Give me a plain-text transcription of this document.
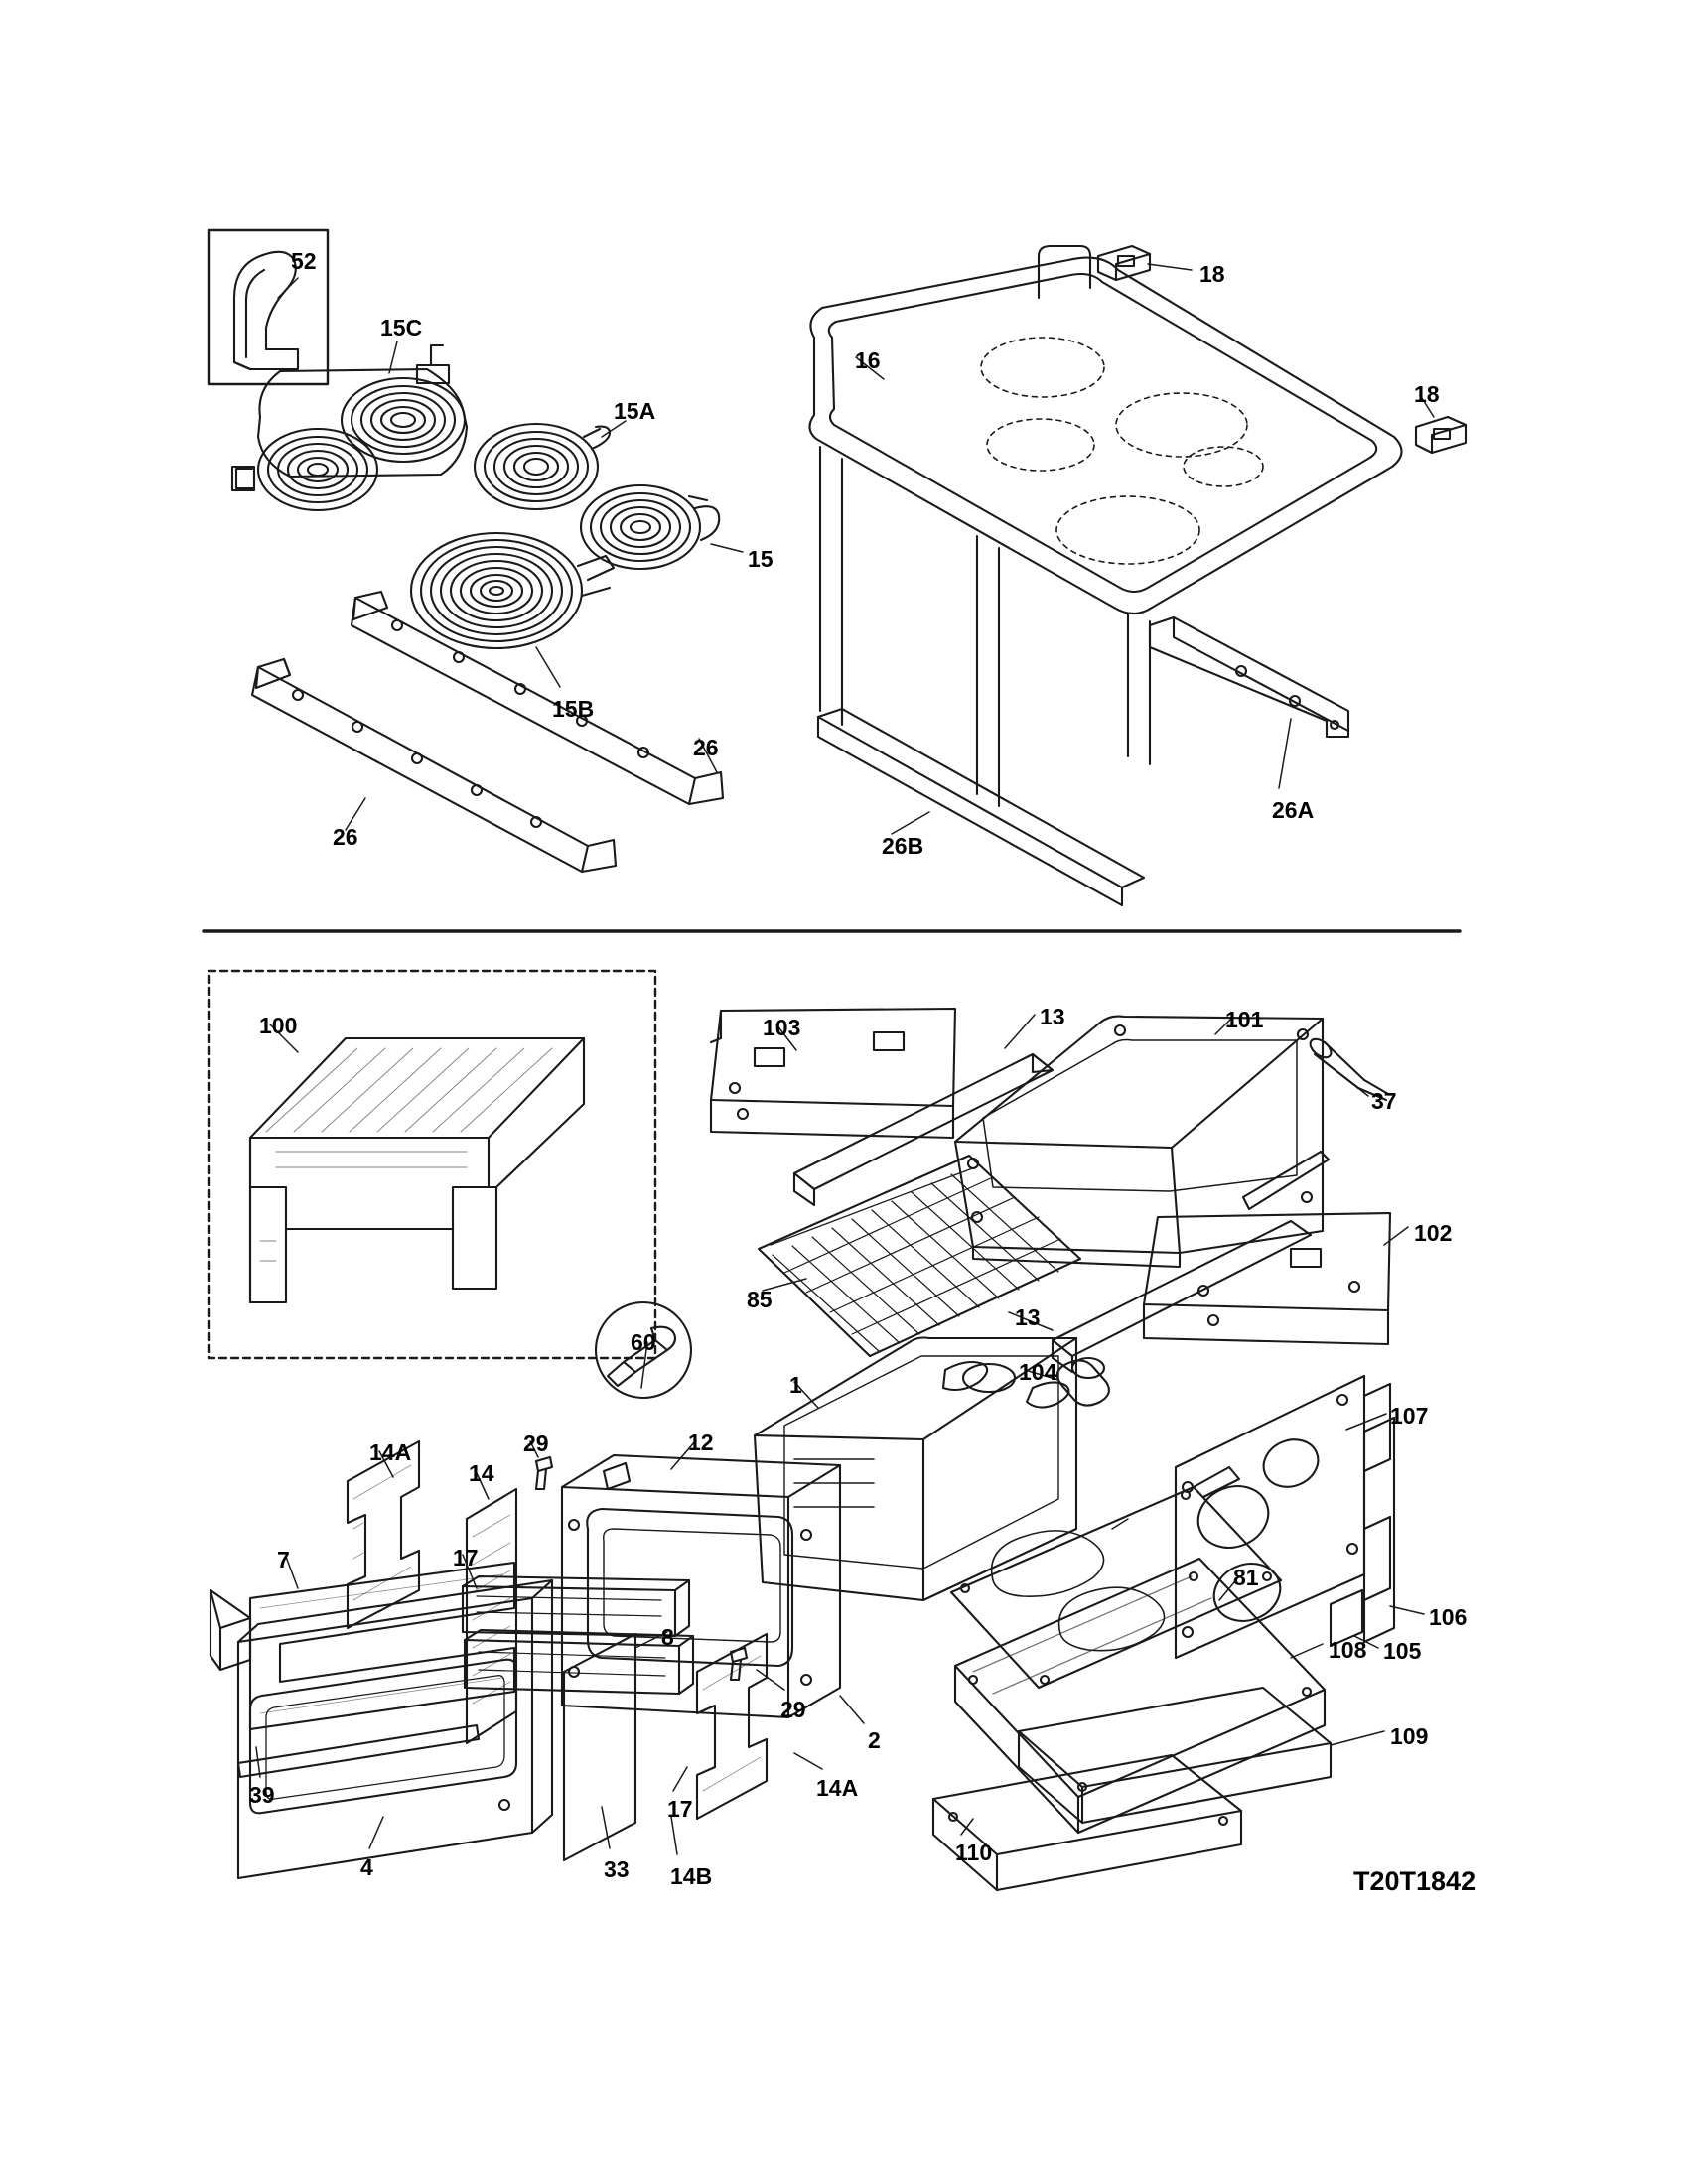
52
15C
15A
15
15B
26
26
16
18
18
26A
26B
100	103	13	101
37
102
85
13
60
1	104
107
29	12
14A
14
17
7
8
81
108
106
105
29
2	109
39
17
14A
110
4	33 14B	T20T1842
